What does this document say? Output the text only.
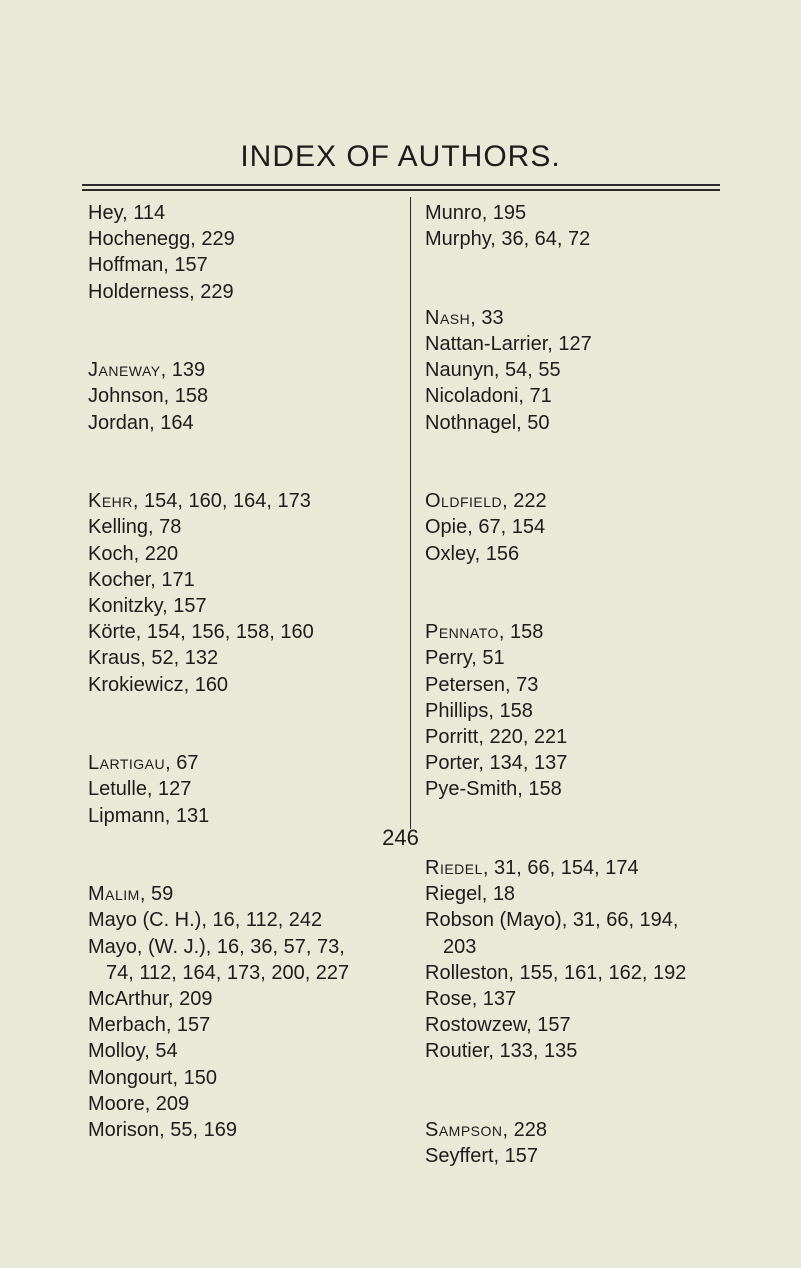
INDEX OF AUTHORS.
Hey, 114
Hochenegg, 229
Hoffman, 157
Holderness, 229
Janeway, 139
Johnson, 158
Jordan, 164
Kehr, 154, 160, 164, 173
Kelling, 78
Koch, 220
Kocher, 171
Konitzky, 157
Körte, 154, 156, 158, 160
Kraus, 52, 132
Krokiewicz, 160
Lartigau, 67
Letulle, 127
Lipmann, 131
Malim, 59
Mayo (C. H.), 16, 112, 242
Mayo, (W. J.), 16, 36, 57, 73,
74, 112, 164, 173, 200, 227
McArthur, 209
Merbach, 157
Molloy, 54
Mongourt, 150
Moore, 209
Morison, 55, 169
Munro, 195
Murphy, 36, 64, 72
Nash, 33
Nattan-Larrier, 127
Naunyn, 54, 55
Nicoladoni, 71
Nothnagel, 50
Oldfield, 222
Opie, 67, 154
Oxley, 156
Pennato, 158
Perry, 51
Petersen, 73
Phillips, 158
Porritt, 220, 221
Porter, 134, 137
Pye-Smith, 158
Riedel, 31, 66, 154, 174
Riegel, 18
Robson (Mayo), 31, 66, 194,
203
Rolleston, 155, 161, 162, 192
Rose, 137
Rostowzew, 157
Routier, 133, 135
Sampson, 228
Seyffert, 157
246
